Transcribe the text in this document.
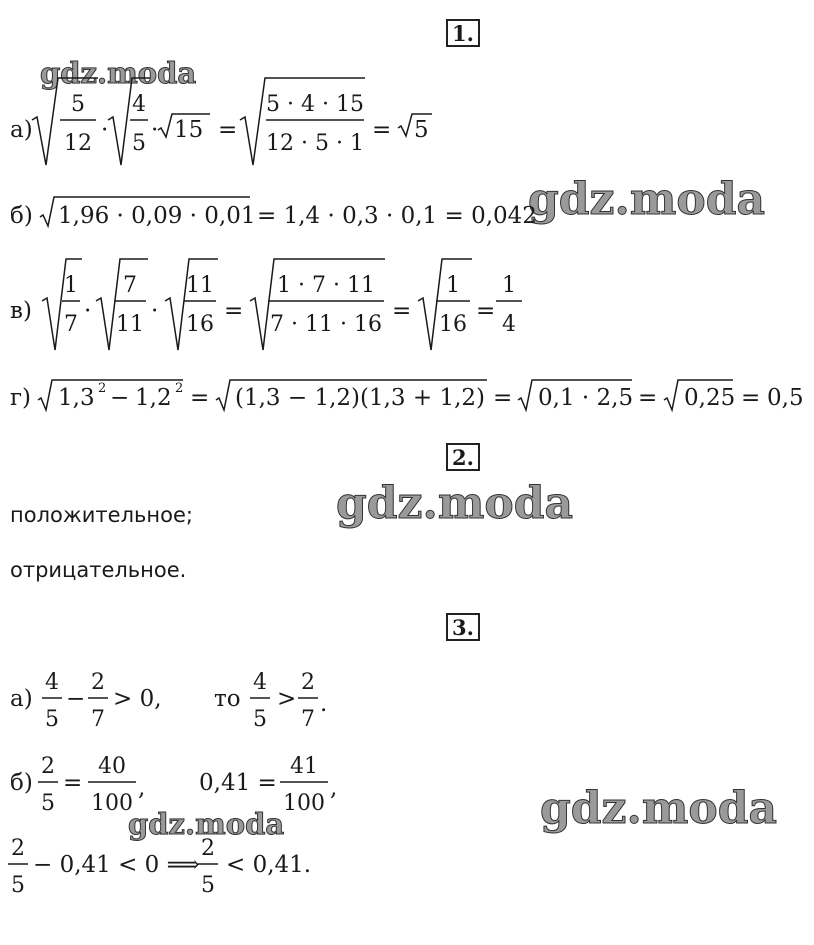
gdz.moda
gdz.moda
gdz.moda
gdz.moda
gdz.moda
1.
2.
3.
а)
5
12
·
4
5
· 15 =
5 · 4 · 15
12 · 5 · 1
= 5
б) 1,96 · 0,09 · 0,01 = 1,4 · 0,3 · 0,1 = 0,042
в)
1
7
·
7
11
·
11
16
=
1 · 7 · 11
7 · 11 · 16
=
1
16
=
1
4
г) 1,3 2 − 1,2 2 = (1,3 − 1,2)(1,3 + 1,2) = 0,1 · 2,5 = 0,25 = 0,5
а)
4
5
−
2
7
> 0, то
4
5
>
2
7
.
б)
2
5
=
40
100
, 0,41 =
41
100
,
2
5
− 0,41 < 0 ⟹
2
5
< 0,41.
положительное;
отрицательное.
